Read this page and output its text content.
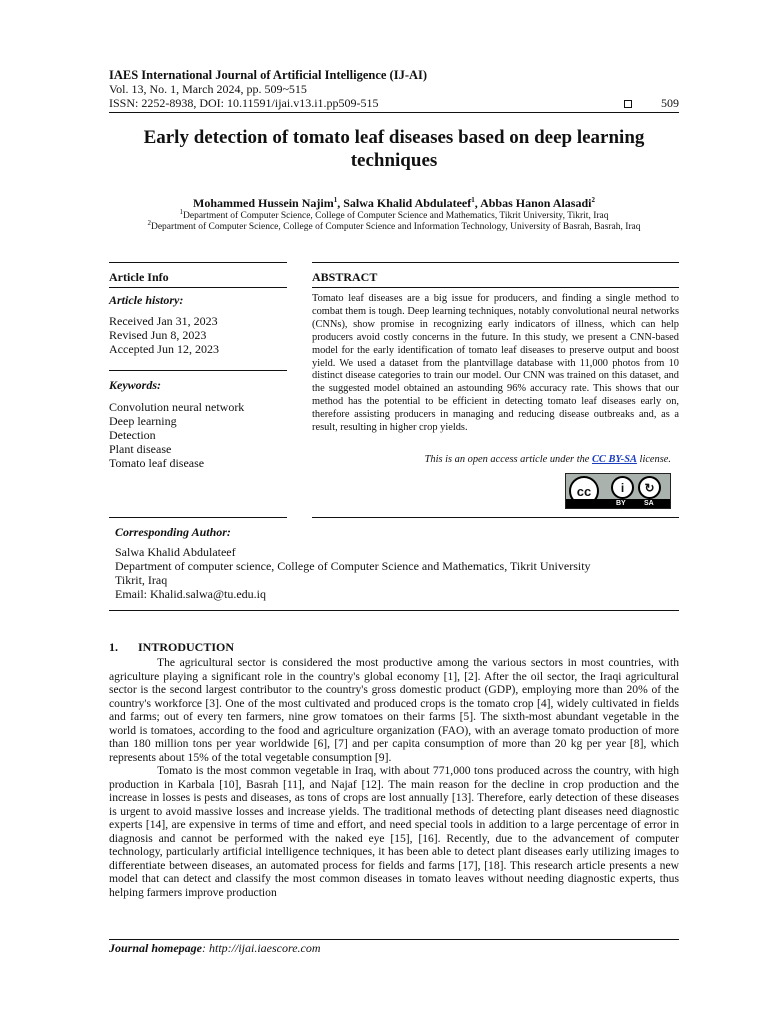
IAES International Journal of Artificial Intelligence (IJ-AI)
Vol. 13, No. 1, March 2024, pp. 509~515
ISSN: 2252-8938, DOI: 10.11591/ijai.v13.i1.pp509-515	509
Early detection of tomato leaf diseases based on deep learning techniques
Mohammed Hussein Najim$^1$, Salwa Khalid Abdulateef$^1$, Abbas Hanon Alasadi$^2$
$^1$Department of Computer Science, College of Computer Science and Mathematics, Tikrit University, Tikrit, Iraq
$^2$Department of Computer Science, College of Computer Science and Information Technology, University of Basrah, Basrah, Iraq
Article Info
Article history:
Received Jan 31, 2023
Revised Jun 8, 2023
Accepted Jun 12, 2023
Keywords:
Convolution neural network
Deep learning
Detection
Plant disease
Tomato leaf disease
ABSTRACT
Tomato leaf diseases are a big issue for producers, and finding a single method to combat them is tough. Deep learning techniques, notably convolutional neural networks (CNNs), show promise in recognizing early indicators of illness, which can help producers avoid costly concerns in the future. In this study, we present a CNN-based model for the early identification of tomato leaf diseases to preserve output and boost yield. We used a dataset from the plantvillage database with 11,000 photos from 10 distinct disease categories to train our model. Our CNN was trained on this dataset, and the suggested model obtained an astounding 96% accuracy rate. This shows that our method has the potential to be efficient in detecting tomato leaf diseases early on, therefore assisting producers in managing and reducing disease outbreaks and, as a result, resulting in higher crop yields.
This is an open access article under the CC BY-SA license.
cc	i	↻
BY	SA
Corresponding Author:
Salwa Khalid Abdulateef
Department of computer science, College of Computer Science and Mathematics, Tikrit University
Tikrit, Iraq
Email: Khalid.salwa@tu.edu.iq
1. INTRODUCTION

The agricultural sector is considered the most productive among the various sectors in most countries, with agriculture playing a significant role in the country's global economy [1], [2]. After the oil sector, the Iraqi agricultural sector is the second largest contributor to the country's gross domestic product (GDP), employing more than 20% of the country's workforce [3]. One of the most cultivated and produced crops is the tomato crop [4], widely cultivated in fields and farms; out of every ten farmers, nine grow tomatoes on their farms [5]. The sixth-most abundant vegetable in the world is tomatoes, according to the food and agriculture organization (FAO), with an average tomato production of more than 180 million tons per year worldwide [6], [7] and per capita consumption of more than 20 kg per year [8], which represents about 15% of the total vegetable consumption [9].

Tomato is the most common vegetable in Iraq, with about 771,000 tons produced across the country, with high production in Karbala [10], Basrah [11], and Najaf [12]. The main reason for the decline in crop production and the increase in losses is pests and diseases, as tons of crops are lost annually [13]. Therefore, early detection of these diseases is urgent to avoid massive losses and increase yields. The traditional methods of detecting plant diseases need diagnostic experts [14], are expensive in terms of time and effort, and need special tools in addition to a large percentage of error in diagnosis and cannot be performed with the naked eye [15], [16]. Recently, due to the advancement of computer technology, particularly artificial intelligence techniques, it has been able to detect plant diseases early utilizing images to differentiate between diseases, an automated process for fields and farms [17], [18]. This research article presents a new model that can detect and classify the most common diseases in tomato leaves without needing diagnostic experts, thus helping farmers improve production

Journal homepage: http://ijai.iaescore.com
